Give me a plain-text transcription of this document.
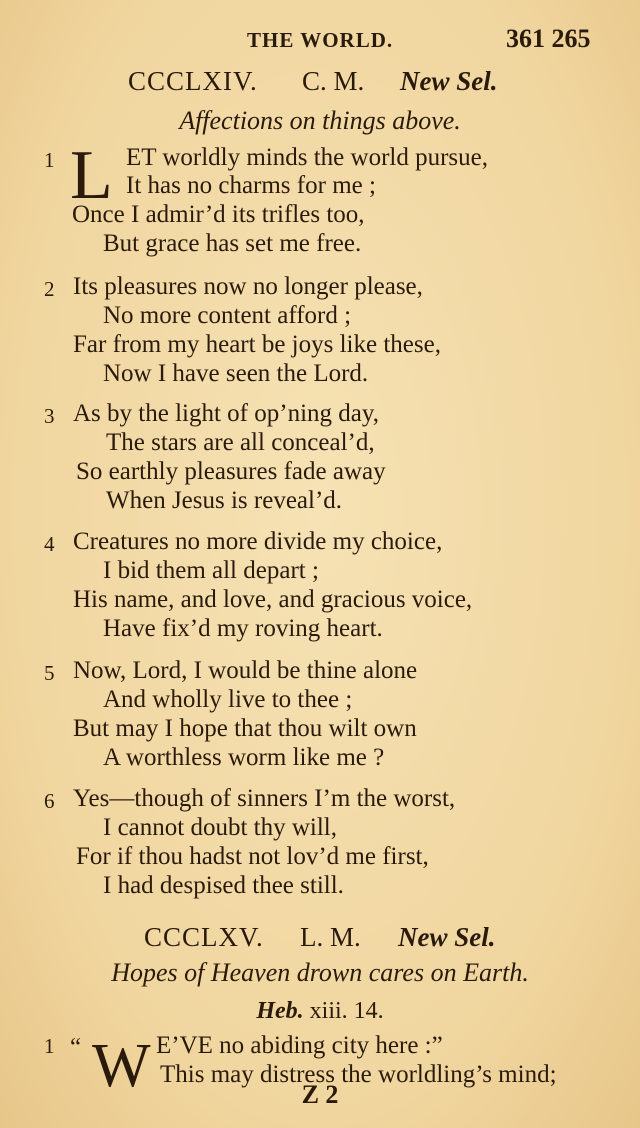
THE WORLD.	361 265
CCCLXIV. C. M. New Sel.
Affections on things above.
1 L ET worldly minds the world pursue,
It has no charms for me ;
Once I admir’d its trifles too,
But grace has set me free.
2 Its pleasures now no longer please,
No more content afford ;
Far from my heart be joys like these,
Now I have seen the Lord.
3 As by the light of op’ning day,
The stars are all conceal’d,
So earthly pleasures fade away
When Jesus is reveal’d.
4 Creatures no more divide my choice,
I bid them all depart ;
His name, and love, and gracious voice,
Have fix’d my roving heart.
5 Now, Lord, I would be thine alone
And wholly live to thee ;
But may I hope that thou wilt own
A worthless worm like me ?
6 Yes—though of sinners I’m the worst,
I cannot doubt thy will,
For if thou hadst not lov’d me first,
I had despised thee still.
CCCLXV. L. M. New Sel.
Hopes of Heaven drown cares on Earth.
Heb. xiii. 14.
1 “ W E’VE no abiding city here :”
This may distress the worldling’s mind;
Z 2
